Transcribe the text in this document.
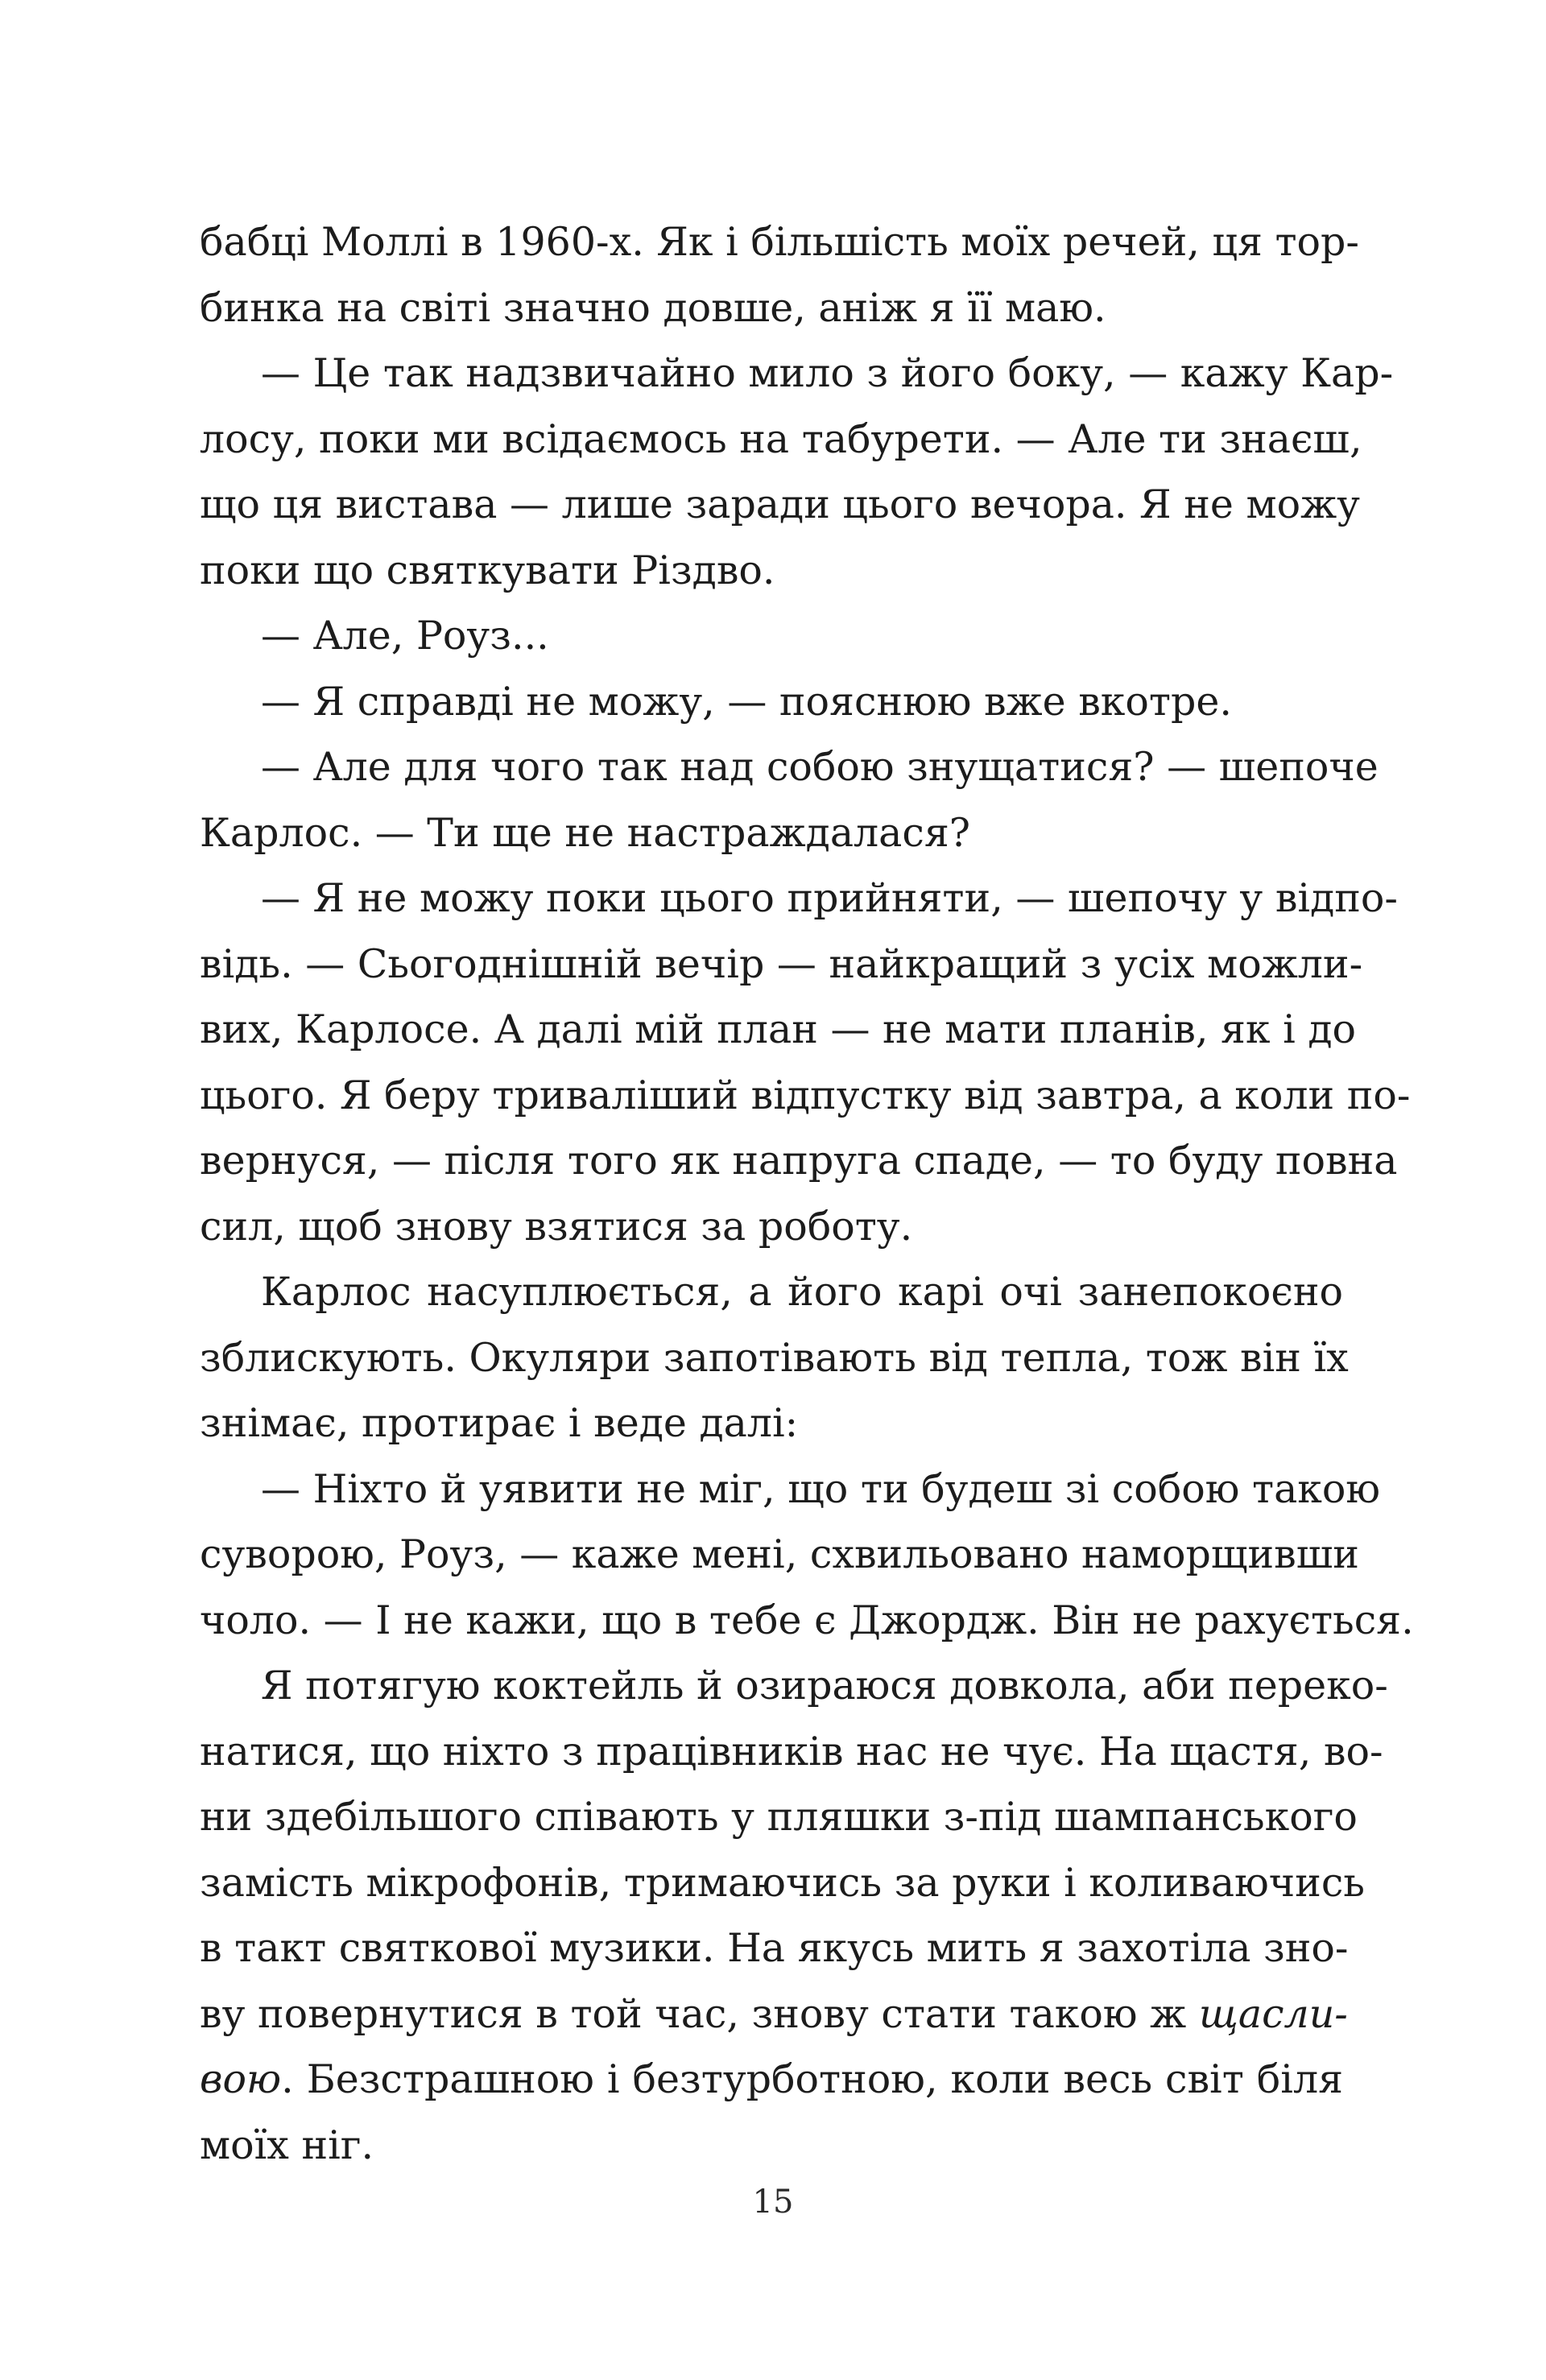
бабці Моллі в 1960-х. Як і більшість моїх речей, ця тор-
бинка на світі значно довше, аніж я її маю.
— Це так надзвичайно мило з його боку, — кажу Кар-
лосу, поки ми всідаємось на табурети. — Але ти знаєш,
що ця вистава — лише заради цього вечора. Я не можу
поки що святкувати Різдво.
— Але, Роуз...
— Я справді не можу, — пояснюю вже вкотре.
— Але для чого так над собою знущатися? — шепоче
Карлос. — Ти ще не настраждалася?
— Я не можу поки цього прийняти, — шепочу у відпо-
відь. — Сьогоднішній вечір — найкращий з усіх можли-
вих, Карлосе. А далі мій план — не мати планів, як і до
цього. Я беру триваліший відпустку від завтра, а коли по-
вернуся, — після того як напруга спаде, — то буду повна
сил, щоб знову взятися за роботу.
Карлос насуплюється, а його карі очі занепокоєно
зблискують. Окуляри запотівають від тепла, тож він їх
знімає, протирає і веде далі:
— Ніхто й уявити не міг, що ти будеш зі собою такою
суворою, Роуз, — каже мені, схвильовано наморщивши
чоло. — І не кажи, що в тебе є Джордж. Він не рахується.
Я потягую коктейль й озираюся довкола, аби переко-
натися, що ніхто з працівників нас не чує. На щастя, во-
ни здебільшого співають у пляшки з-під шампанського
замість мікрофонів, тримаючись за руки і коливаючись
в такт святкової музики. На якусь мить я захотіла зно-
ву повернутися в той час, знову стати такою ж щасли-
вою. Безстрашною і безтурботною, коли весь світ біля
моїх ніг.
15
